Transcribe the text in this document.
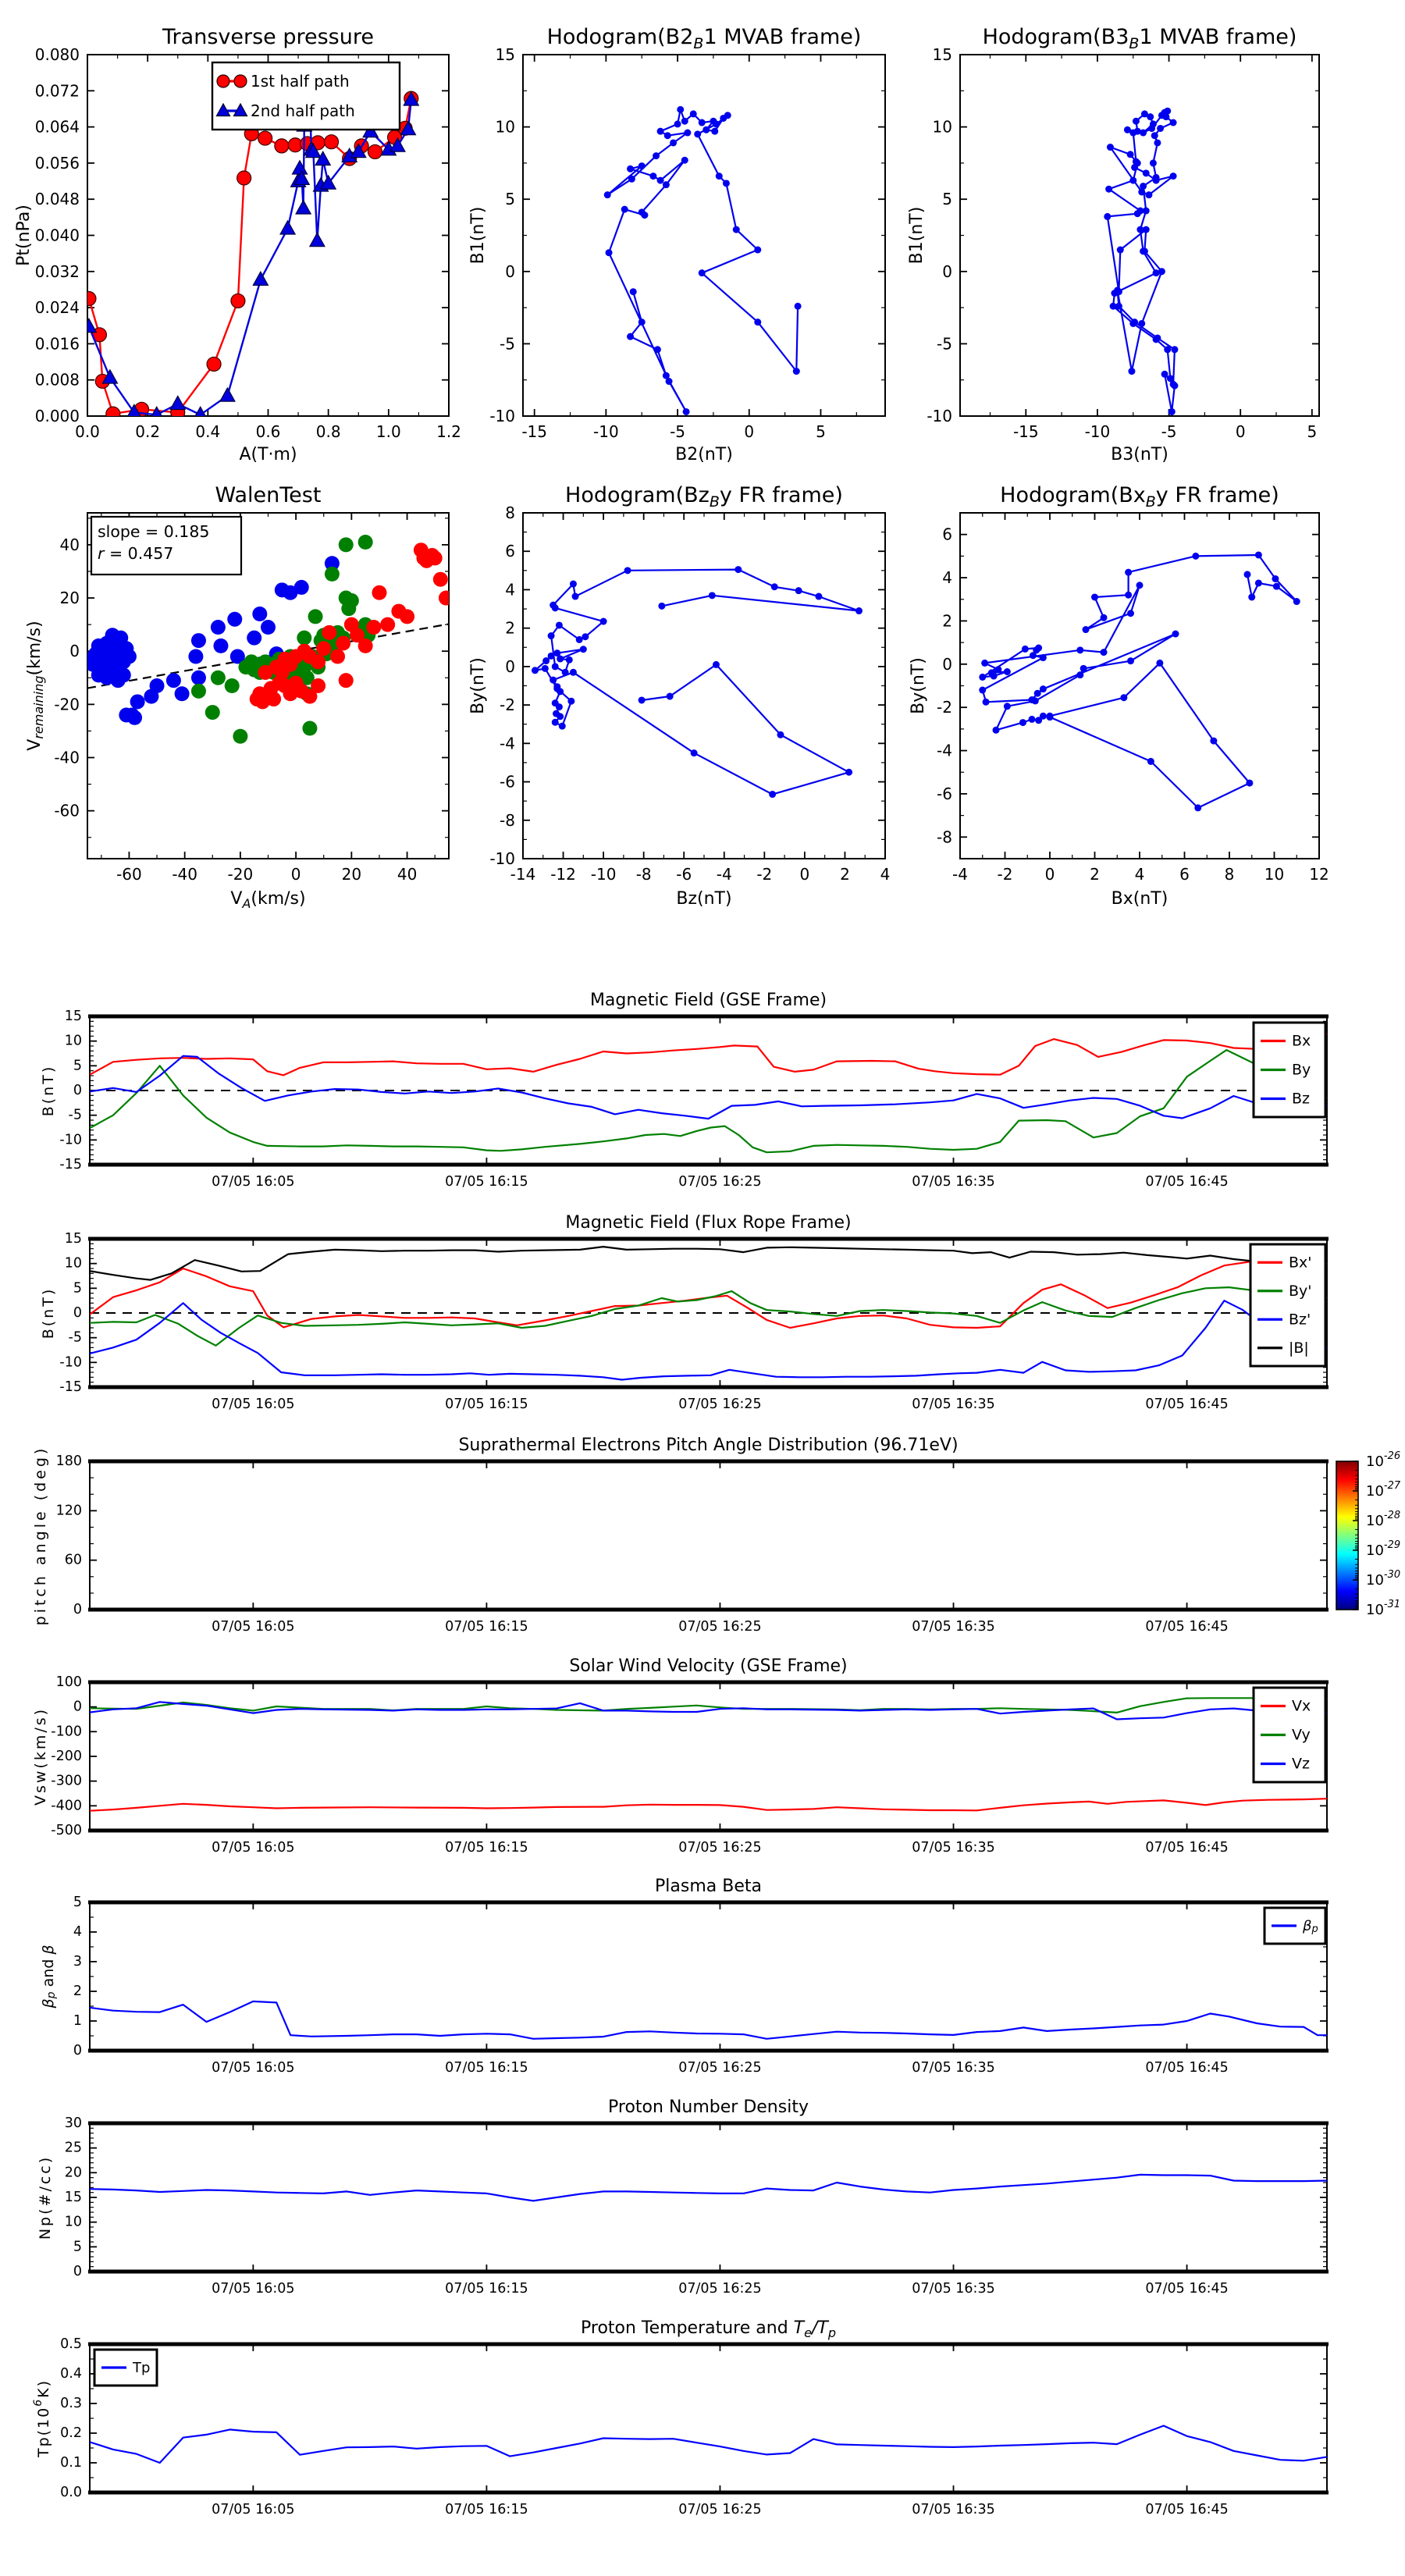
0.0 0.2 0.4 0.6 0.8 1.0 1.2
0.000
0.008
0.016
0.024
0.032
0.040
0.048
0.056
0.064
0.072
0.080
1st half path
2nd half path
Transverse pressure
A(T·m)
Pt(nPa)
-15	-10	-5	0	5
-10
-5
0
5
10
15
$Hodogram(B2_B1$ MVAB frame)
B2(nT)
B1(nT)
-15	-10	-5	0	5
-10
-5
0
5
10
15
$Hodogram(B3_B1$ MVAB frame)
B3(nT)
B1(nT)
-60 -40 -20 0	20 40
-60
-40
-20
0
20
40
slope = 0.185
r = 0.457
WalenTest
$V_A(km/s)$
$V_{remaining}(km/s)$
-14 -12 -10 -8 -6 -4 -2 0 2 4
-10
-8
-6
-4
-2
0
2
4
6
8
$Hodogram(Bz_By$ FR frame)
Bz(nT)
By(nT)
-4 -2 0 2 4 6 8 10 12
-8
-6
-4
-2
0
2
4
6
$Hodogram(Bx_By$ FR frame)
Bx(nT)
By(nT)
07/05 16:05	07/05 16:15	07/05 16:25	07/05 16:35	07/05 16:45
-15
-10
-5
0
5
10
15
Bx
By
Bz
Magnetic Field (GSE Frame)
B(nT)
07/05 16:05	07/05 16:15	07/05 16:25	07/05 16:35	07/05 16:45
-15
-10
-5
0
5
10
15
Bx'
By'
Bz'
|B|
Magnetic Field (Flux Rope Frame)
B(nT)
07/05 16:05	07/05 16:15	07/05 16:25	07/05 16:35	07/05 16:45
0
60
120
180	$10^{-26}$
$10^{-27}$
$10^{-28}$
$10^{-29}$
$10^{-30}$
$10^{-31}$
Suprathermal Electrons Pitch Angle Distribution (96.71eV)
pitch angle (deg)
07/05 16:05	07/05 16:15	07/05 16:25	07/05 16:35	07/05 16:45
-500
-400
-300
-200
-100
0
100
Vx
Vy
Vz
Solar Wind Velocity (GSE Frame)
Vsw(km/s)
07/05 16:05	07/05 16:15	07/05 16:25	07/05 16:35	07/05 16:45
0
1
2
3
4
5
$\beta_p$
Plasma Beta
$\beta_p$ and β
07/05 16:05	07/05 16:15	07/05 16:25	07/05 16:35	07/05 16:45
0
5
10
15
20
25
30
Proton Number Density
Np(#/cc)
07/05 16:05	07/05 16:15	07/05 16:25	07/05 16:35	07/05 16:45
0.0
0.1
0.2
0.3
0.4
0.5
Tp
Proton Temperature and $T_e/T_p$
$Tp(10^6K)$
